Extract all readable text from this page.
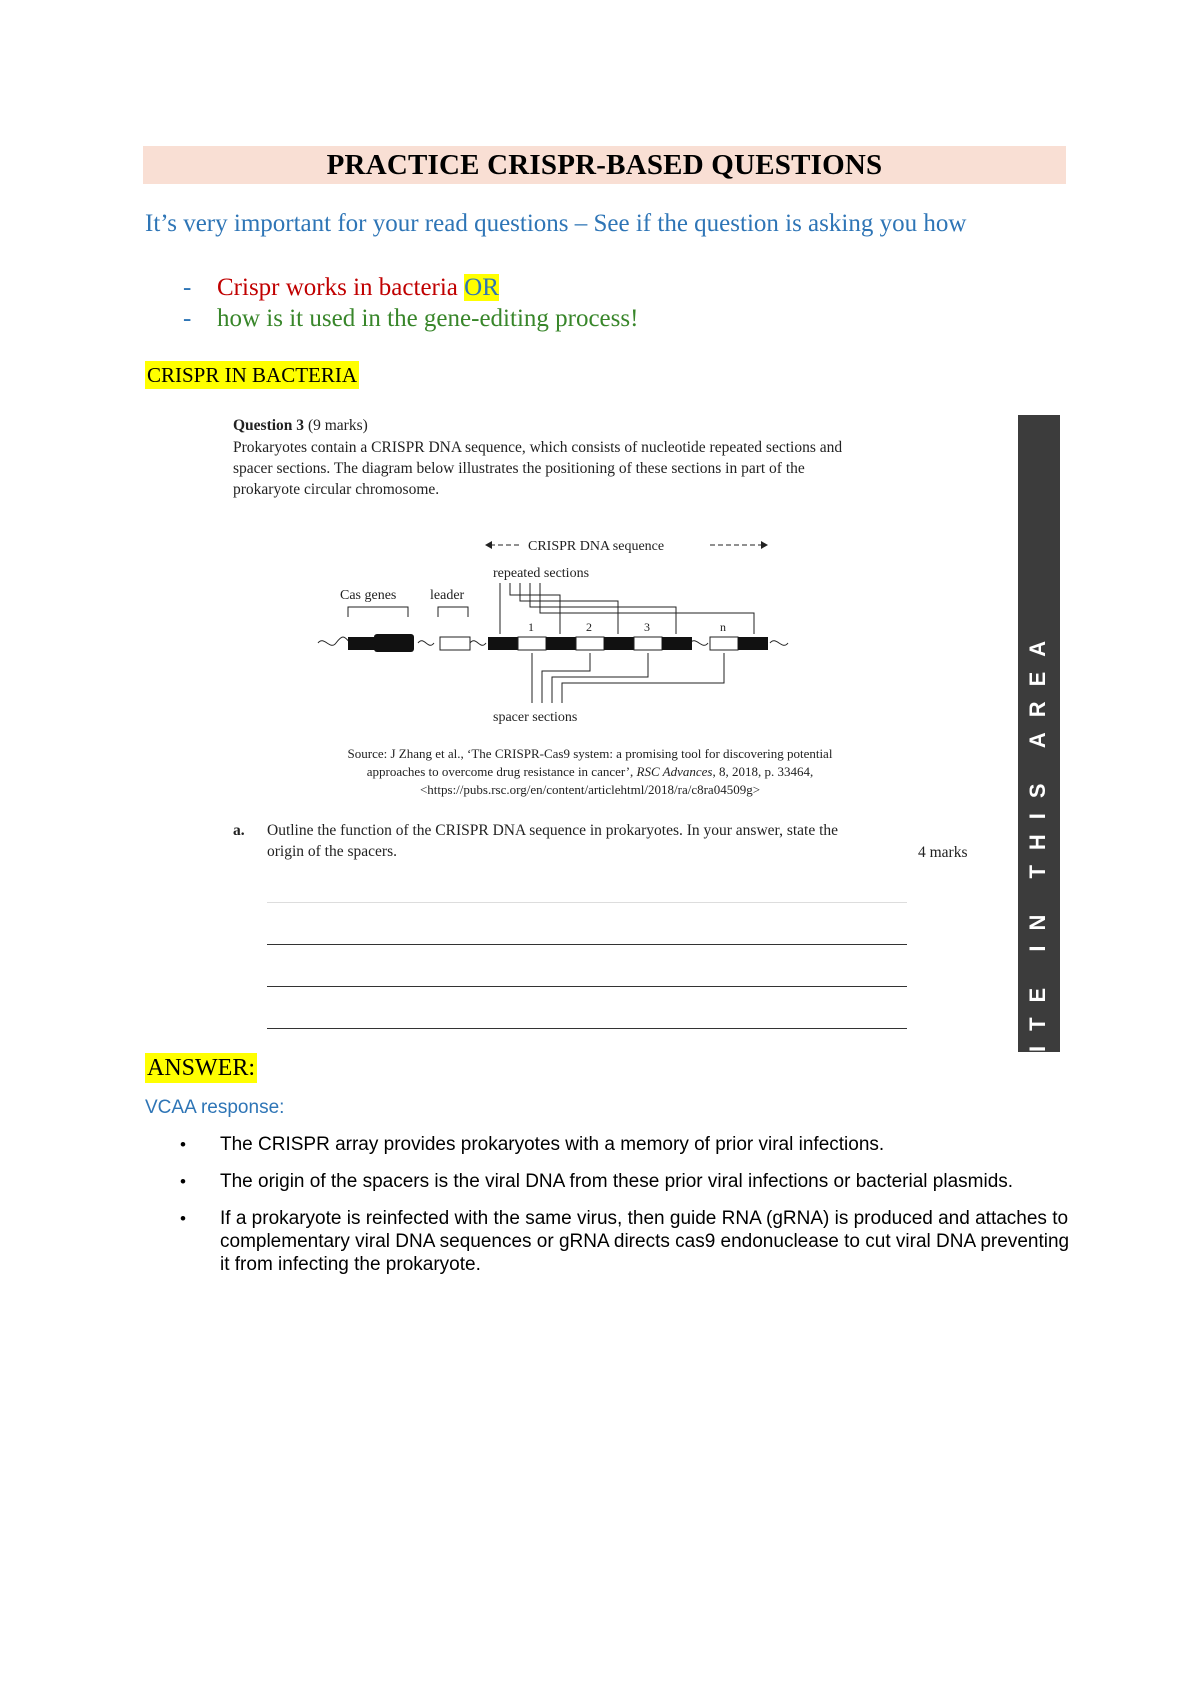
PRACTICE CRISPR-BASED QUESTIONS
It’s very important for your read questions – See if the question is asking you how
-	Crispr works in bacteria OR
-	how is it used in the gene-editing process!
CRISPR IN BACTERIA
Question 3 (9 marks)
Prokaryotes contain a CRISPR DNA sequence, which consists of nucleotide repeated sections and spacer sections. The diagram below illustrates the positioning of these sections in part of the prokaryote circular chromosome.
CRISPR DNA sequence
repeated sections
Cas genes leader
1	2	3	n
spacer sections
Source: J Zhang et al., ‘The CRISPR-Cas9 system: a promising tool for discovering potential
approaches to overcome drug resistance in cancer’, RSC Advances, 8, 2018, p. 33464,
<https://pubs.rsc.org/en/content/articlehtml/2018/ra/c8ra04509g>
a. Outline the function of the CRISPR DNA sequence in prokaryotes. In your answer, state the origin of the spacers.	4 marks	ITE IN THIS AREA
ANSWER:
VCAA response:
• The CRISPR array provides prokaryotes with a memory of prior viral infections.
• The origin of the spacers is the viral DNA from these prior viral infections or bacterial plasmids.
• If a prokaryote is reinfected with the same virus, then guide RNA (gRNA) is produced and attaches to complementary viral DNA sequences or gRNA directs cas9 endonuclease to cut viral DNA preventing it from infecting the prokaryote.
